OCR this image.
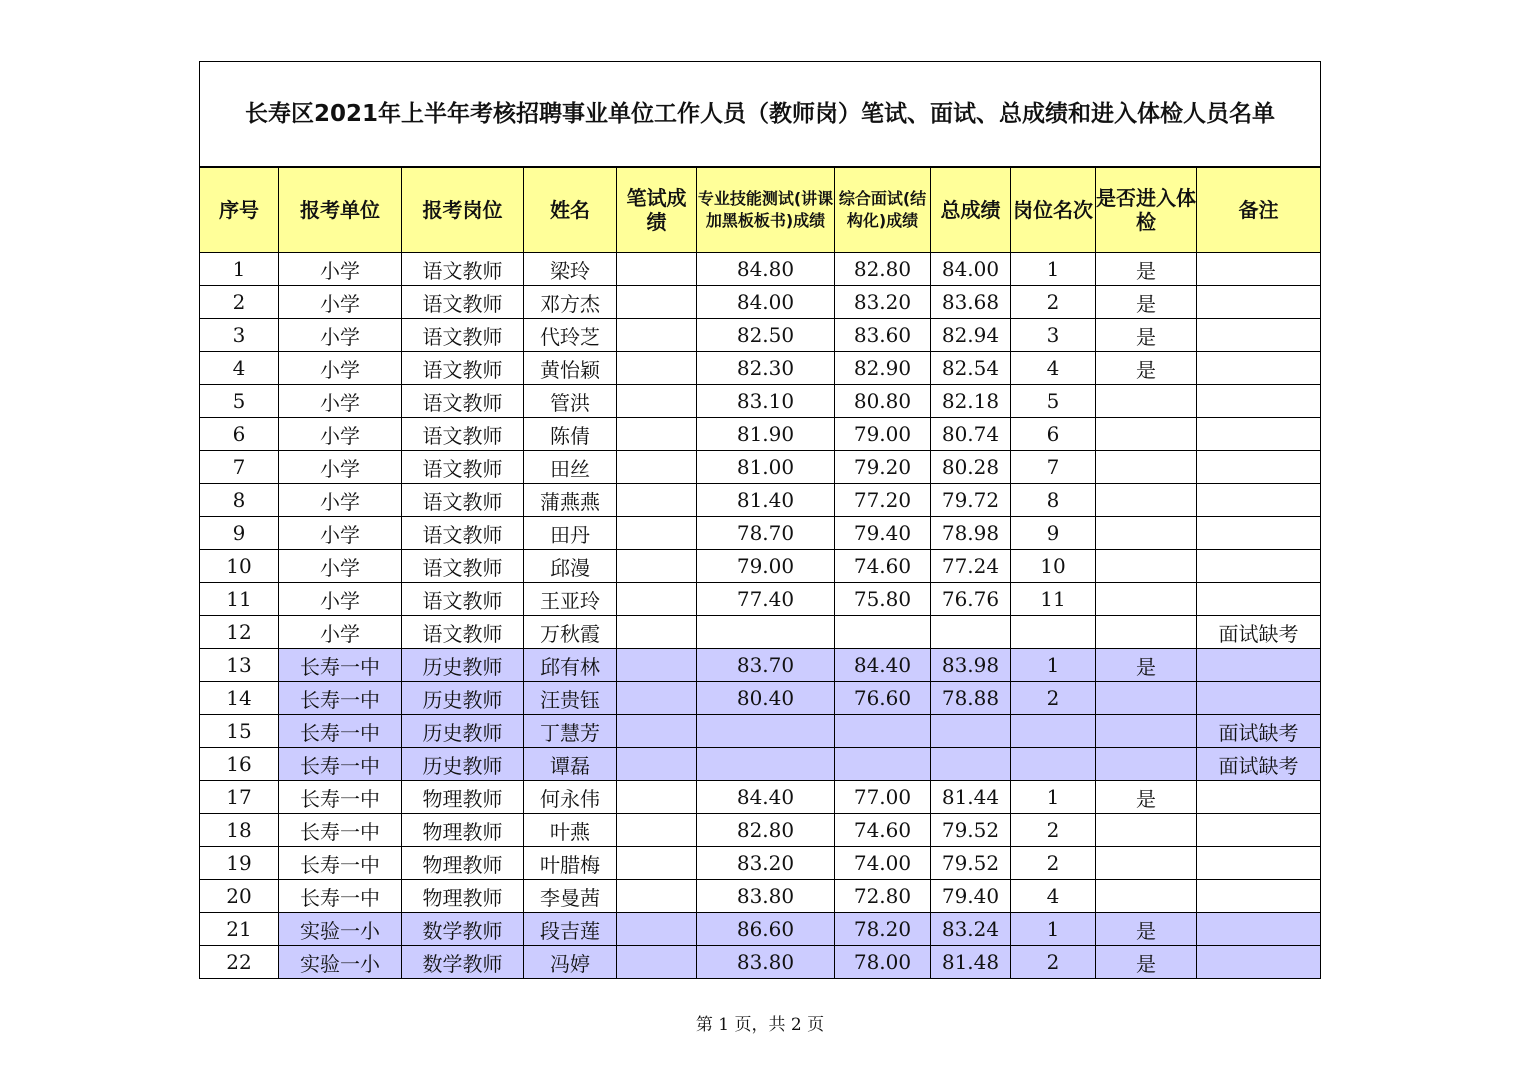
长寿区2021年上半年考核招聘事业单位工作人员（教师岗）笔试、面试、总成绩和进入体检人员名单										
序号	报考单位	报考岗位	姓名	笔试成绩	专业技能测试(讲课加黑板板书)成绩	综合面试(结构化)成绩	总成绩	岗位名次	是否进入体检	备注
1	小学	语文教师	梁玲		84.80	82.80	84.00	1	是	
2	小学	语文教师	邓方杰		84.00	83.20	83.68	2	是	
3	小学	语文教师	代玲芝		82.50	83.60	82.94	3	是	
4	小学	语文教师	黄怡颖		82.30	82.90	82.54	4	是	
5	小学	语文教师	管洪		83.10	80.80	82.18	5		
6	小学	语文教师	陈倩		81.90	79.00	80.74	6		
7	小学	语文教师	田丝		81.00	79.20	80.28	7		
8	小学	语文教师	蒲燕燕		81.40	77.20	79.72	8		
9	小学	语文教师	田丹		78.70	79.40	78.98	9		
10	小学	语文教师	邱漫		79.00	74.60	77.24	10		
11	小学	语文教师	王亚玲		77.40	75.80	76.76	11		
12	小学	语文教师	万秋霞							面试缺考
13	长寿一中	历史教师	邱有林		83.70	84.40	83.98	1	是	
14	长寿一中	历史教师	汪贵钰		80.40	76.60	78.88	2		
15	长寿一中	历史教师	丁慧芳							面试缺考
16	长寿一中	历史教师	谭磊							面试缺考
17	长寿一中	物理教师	何永伟		84.40	77.00	81.44	1	是	
18	长寿一中	物理教师	叶燕		82.80	74.60	79.52	2		
19	长寿一中	物理教师	叶腊梅		83.20	74.00	79.52	2		
20	长寿一中	物理教师	李曼茜		83.80	72.80	79.40	4		
21	实验一小	数学教师	段吉莲		86.60	78.20	83.24	1	是	
22	实验一小	数学教师	冯婷		83.80	78.00	81.48	2	是	
第 1 页，共 2 页
